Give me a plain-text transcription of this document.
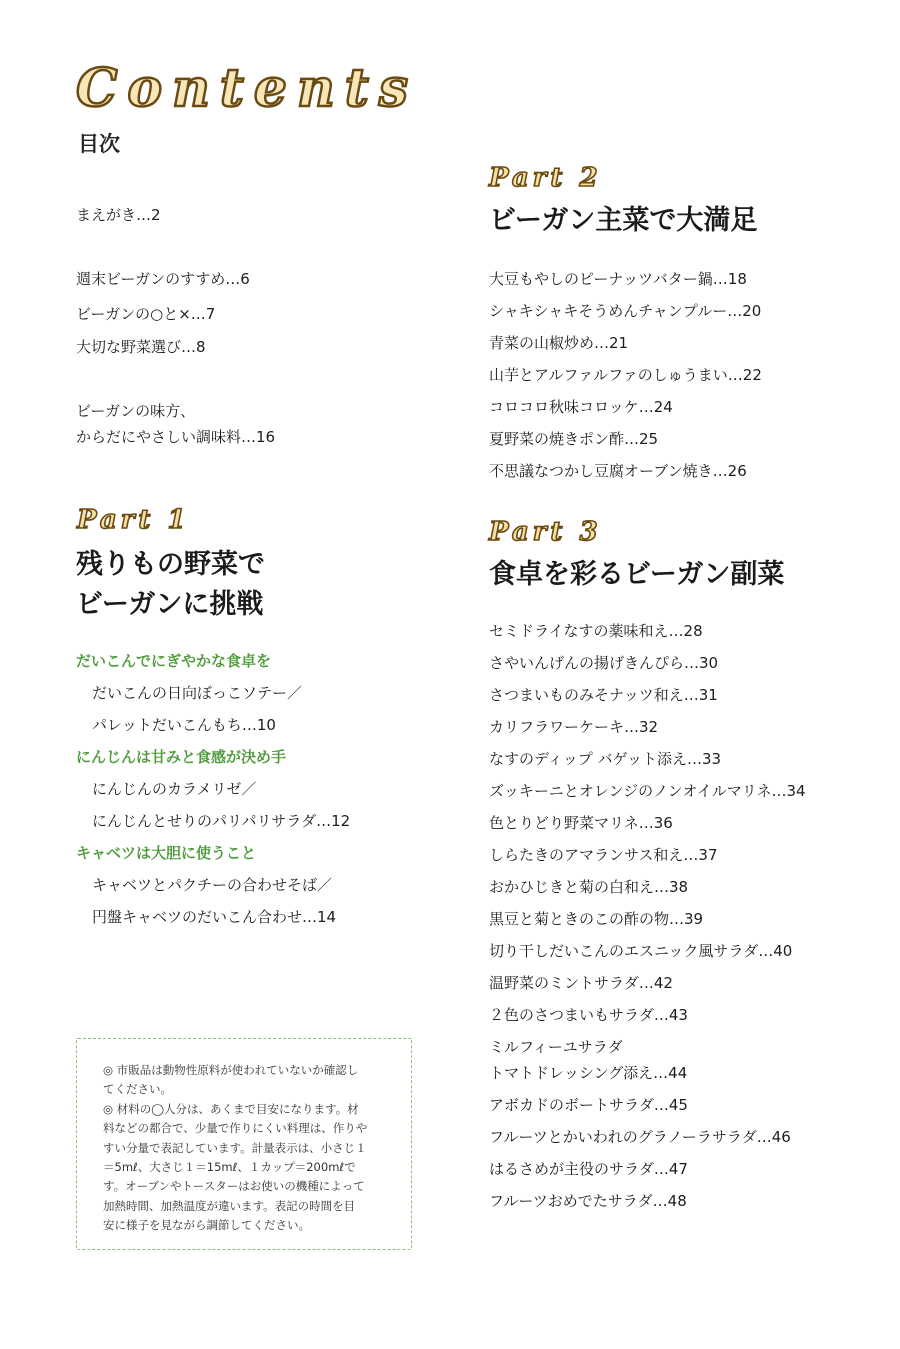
Contents
目次
まえがき…2
週末ビーガンのすすめ…6
ビーガンの○と×…7
大切な野菜選び…8
ビーガンの味方、
からだにやさしい調味料…16
Part 1
残りもの野菜で
ビーガンに挑戦
だいこんでにぎやかな食卓を
だいこんの日向ぼっこソテー／
パレットだいこんもち…10
にんじんは甘みと食感が決め手
にんじんのカラメリゼ／
にんじんとせりのパリパリサラダ…12
キャベツは大胆に使うこと
キャベツとパクチーの合わせそば／
円盤キャベツのだいこん合わせ…14
◎ 市販品は動物性原料が使われていないか確認し
てください。
◎ 材料の◯人分は、あくまで目安になります。材
料などの都合で、少量で作りにくい料理は、作りや
すい分量で表記しています。計量表示は、小さじ１
＝5mℓ、大さじ１＝15mℓ、１カップ＝200mℓで
す。オーブンやトースターはお使いの機種によって
加熱時間、加熱温度が違います。表記の時間を目
安に様子を見ながら調節してください。
Part 2
ビーガン主菜で大満足
大豆もやしのピーナッツバター鍋…18
シャキシャキそうめんチャンプルー…20
青菜の山椒炒め…21
山芋とアルファルファのしゅうまい…22
コロコロ秋味コロッケ…24
夏野菜の焼きポン酢…25
不思議なつかし豆腐オーブン焼き…26
Part 3
食卓を彩るビーガン副菜
セミドライなすの薬味和え…28
さやいんげんの揚げきんぴら…30
さつまいものみそナッツ和え…31
カリフラワーケーキ…32
なすのディップ バゲット添え…33
ズッキーニとオレンジのノンオイルマリネ…34
色とりどり野菜マリネ…36
しらたきのアマランサス和え…37
おかひじきと菊の白和え…38
黒豆と菊ときのこの酢の物…39
切り干しだいこんのエスニック風サラダ…40
温野菜のミントサラダ…42
２色のさつまいもサラダ…43
ミルフィーユサラダ
トマトドレッシング添え…44
アボカドのボートサラダ…45
フルーツとかいわれのグラノーラサラダ…46
はるさめが主役のサラダ…47
フルーツおめでたサラダ…48
